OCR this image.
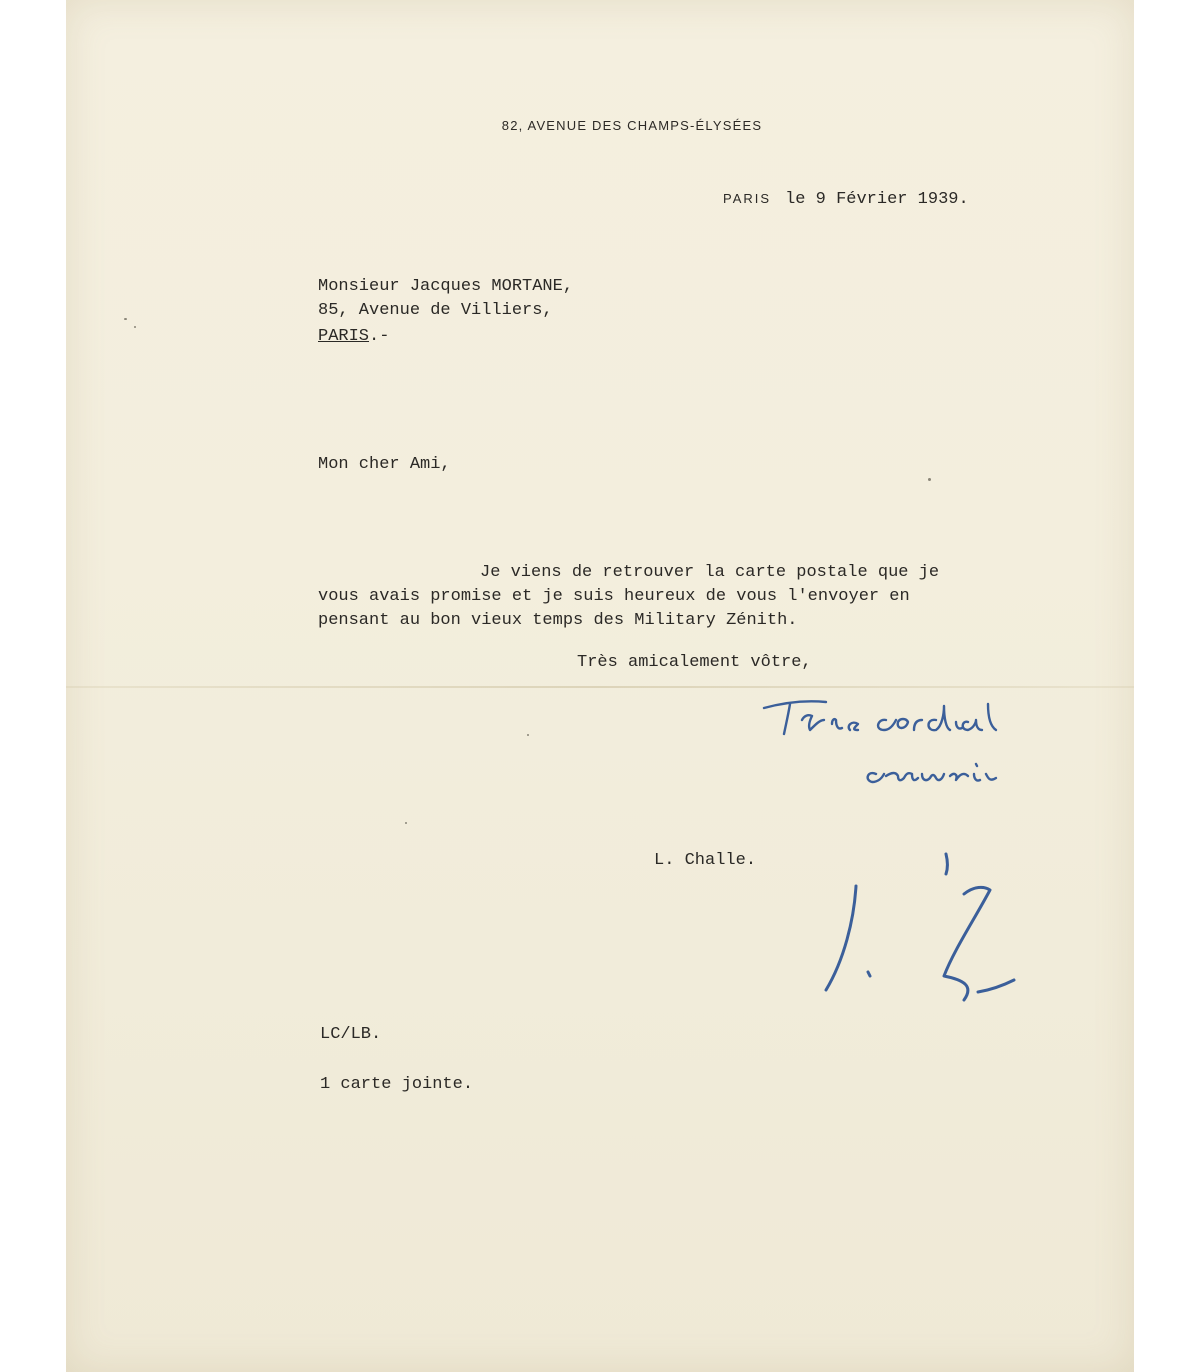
82, AVENUE DES CHAMPS-ÉLYSÉES
PARIS le 9 Février 1939.
Monsieur Jacques MORTANE,
85, Avenue de Villiers,
PARIS.-
Mon cher Ami,
Je viens de retrouver la carte postale que je
vous avais promise et je suis heureux de vous l'envoyer en
pensant au bon vieux temps des Military Zénith.
Très amicalement vôtre,
L. Challe.
LC/LB.
1 carte jointe.
